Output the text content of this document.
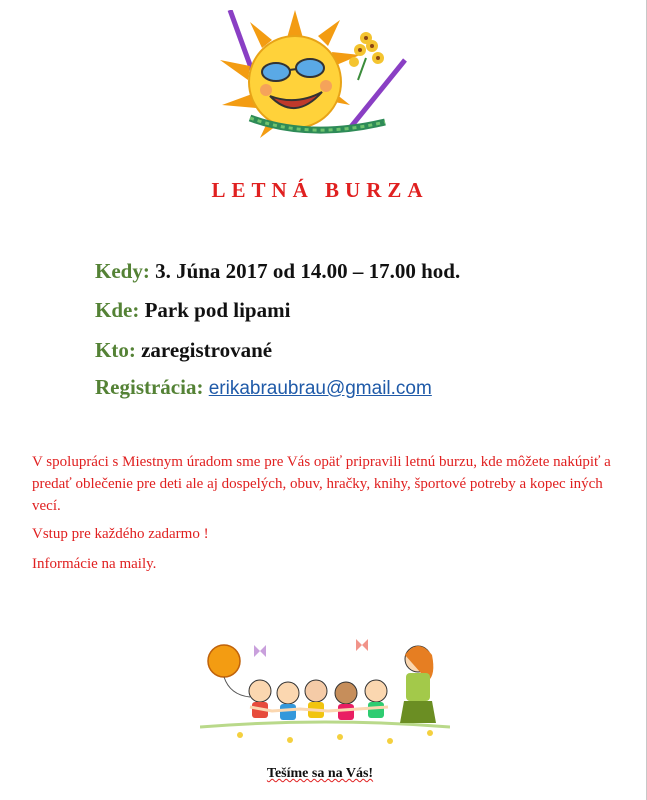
LETNÁ BURZA
Kedy: 3. Júna 2017 od 14.00 – 17.00 hod.
Kde: Park pod lipami
Kto: zaregistrované
Registrácia: erikabraubrau@gmail.com
V spolupráci s Miestnym úradom sme pre Vás opäť pripravili letnú burzu, kde môžete nakúpiť a predať oblečenie pre deti ale aj dospelých, obuv, hračky, knihy, športové potreby a kopec iných vecí.
Vstup pre každého zadarmo !
Informácie na maily.
Tešíme sa na Vás!
